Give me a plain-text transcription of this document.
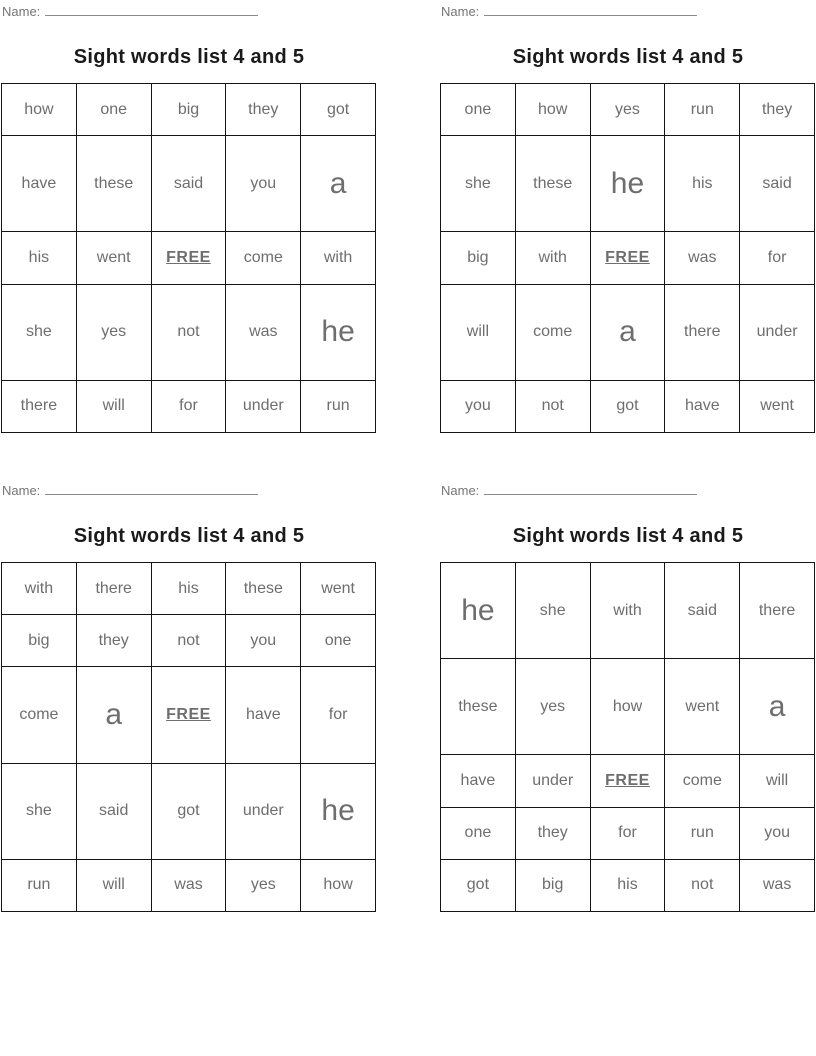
Name:
Sight words list 4 and 5
how	one	big	they	got
have	these	said	you	a
his	went	FREE	come	with
she	yes	not	was	he
there	will	for	under	run
Name:
Sight words list 4 and 5
one	how	yes	run	they
she	these	he	his	said
big	with	FREE	was	for
will	come	a	there	under
you	not	got	have	went
Name:
Sight words list 4 and 5
with	there	his	these	went
big	they	not	you	one
come	a	FREE	have	for
she	said	got	under	he
run	will	was	yes	how
Name:
Sight words list 4 and 5
he	she	with	said	there
these	yes	how	went	a
have	under	FREE	come	will
one	they	for	run	you
got	big	his	not	was
